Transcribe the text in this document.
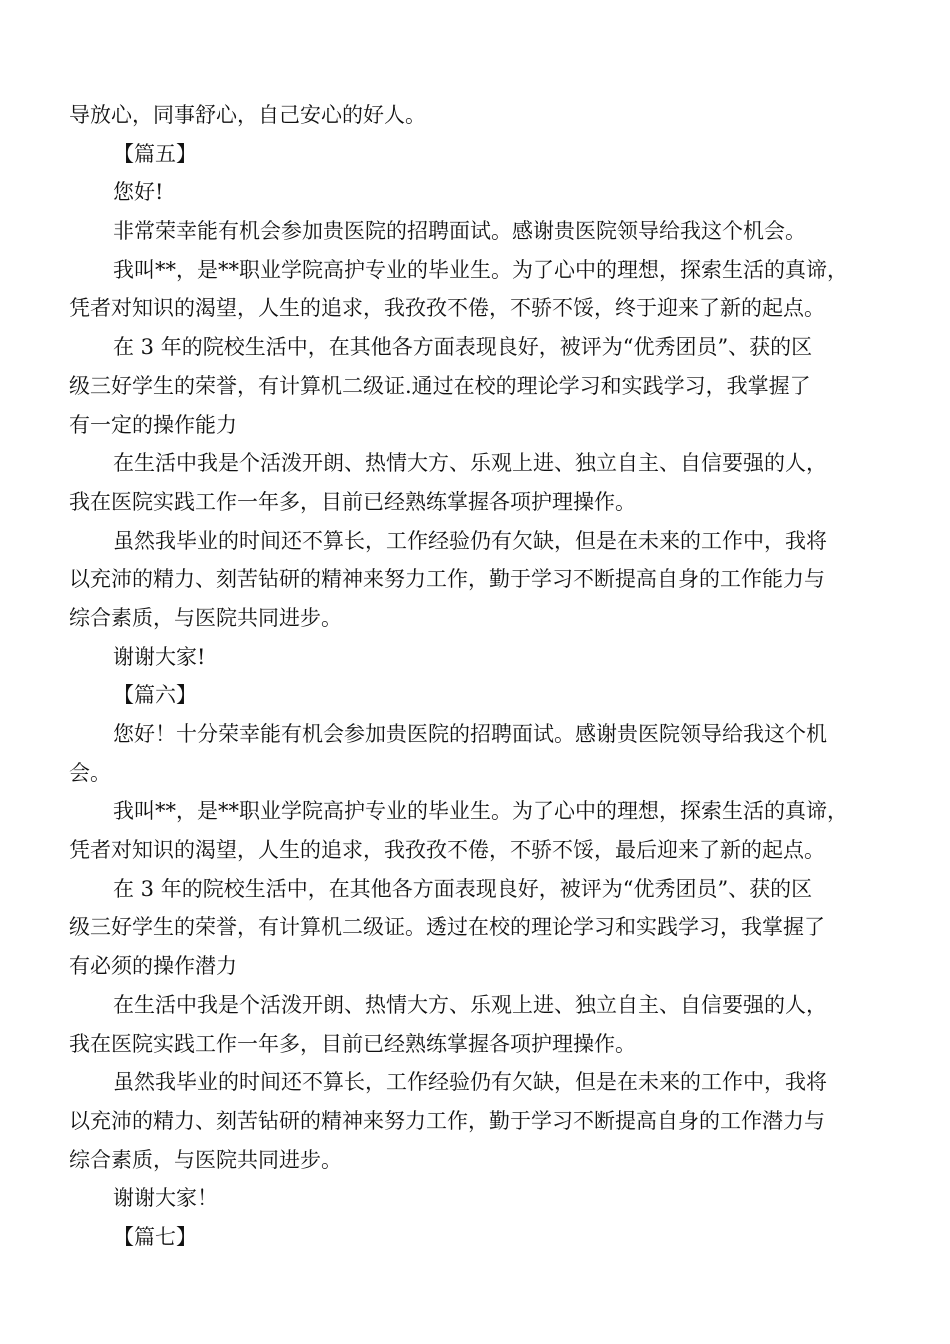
导放心，同事舒心，自己安心的好人。
【篇五】
您好!
非常荣幸能有机会参加贵医院的招聘面试。感谢贵医院领导给我这个机会。
我叫**，是**职业学院高护专业的毕业生。为了心中的理想，探索生活的真谛，
凭者对知识的渴望，人生的追求，我孜孜不倦，不骄不馁，终于迎来了新的起点。
在 3 年的院校生活中，在其他各方面表现良好，被评为“优秀团员”、获的区
级三好学生的荣誉，有计算机二级证.通过在校的理论学习和实践学习，我掌握了
有一定的操作能力
在生活中我是个活泼开朗、热情大方、乐观上进、独立自主、自信要强的人，
我在医院实践工作一年多，目前已经熟练掌握各项护理操作。
虽然我毕业的时间还不算长，工作经验仍有欠缺，但是在未来的工作中，我将
以充沛的精力、刻苦钻研的精神来努力工作，勤于学习不断提高自身的工作能力与
综合素质，与医院共同进步。
谢谢大家!
【篇六】
您好！十分荣幸能有机会参加贵医院的招聘面试。感谢贵医院领导给我这个机
会。
我叫**，是**职业学院高护专业的毕业生。为了心中的理想，探索生活的真谛，
凭者对知识的渴望，人生的追求，我孜孜不倦，不骄不馁，最后迎来了新的起点。
在 3 年的院校生活中，在其他各方面表现良好，被评为“优秀团员”、获的区
级三好学生的荣誉，有计算机二级证。透过在校的理论学习和实践学习，我掌握了
有必须的操作潜力
在生活中我是个活泼开朗、热情大方、乐观上进、独立自主、自信要强的人，
我在医院实践工作一年多，目前已经熟练掌握各项护理操作。
虽然我毕业的时间还不算长，工作经验仍有欠缺，但是在未来的工作中，我将
以充沛的精力、刻苦钻研的精神来努力工作，勤于学习不断提高自身的工作潜力与
综合素质，与医院共同进步。
谢谢大家！
【篇七】
